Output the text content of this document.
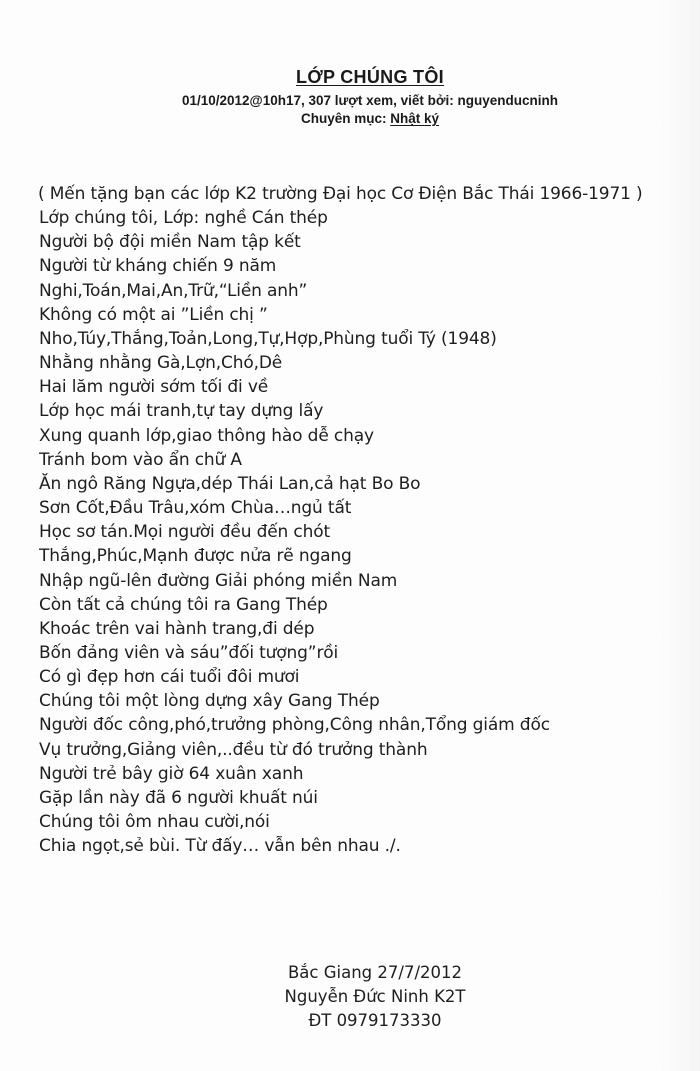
LỚP CHÚNG TÔI
01/10/2012@10h17, 307 lượt xem, viết bởi: nguyenducninh
Chuyên mục: Nhật ký
( Mến tặng bạn các lớp K2 trường Đại học Cơ Điện Bắc Thái 1966-1971 )
Lớp chúng tôi, Lớp: nghề Cán thép
Người bộ đội miền Nam tập kết
Người từ kháng chiến 9 năm
Nghi,Toán,Mai,An,Trữ,“Liền anh”
Không có một ai ”Liền chị ”
Nho,Túy,Thắng,Toản,Long,Tự,Hợp,Phùng tuổi Tý (1948)
Nhằng nhằng Gà,Lợn,Chó,Dê
Hai lăm người sớm tối đi về
Lớp học mái tranh,tự tay dựng lấy
Xung quanh lớp,giao thông hào dễ chạy
Tránh bom vào ẩn chữ A
Ăn ngô Răng Ngựa,dép Thái Lan,cả hạt Bo Bo
Sơn Cốt,Đầu Trâu,xóm Chùa…ngủ tất
Học sơ tán.Mọi người đều đến chót
Thắng,Phúc,Mạnh được nửa rẽ ngang
Nhập ngũ-lên đường Giải phóng miền Nam
Còn tất cả chúng tôi ra Gang Thép
Khoác trên vai hành trang,đi dép
Bốn đảng viên và sáu”đối tượng”rồi
Có gì đẹp hơn cái tuổi đôi mươi
Chúng tôi một lòng dựng xây Gang Thép
Người đốc công,phó,trưởng phòng,Công nhân,Tổng giám đốc
Vụ trưởng,Giảng viên,..đều từ đó trưởng thành
Người trẻ bây giờ 64 xuân xanh
Gặp lần này đã 6 người khuất núi
Chúng tôi ôm nhau cười,nói
Chia ngọt,sẻ bùi. Từ đấy… vẫn bên nhau ./.
Bắc Giang 27/7/2012
Nguyễn Đức Ninh K2T
ĐT 0979173330
